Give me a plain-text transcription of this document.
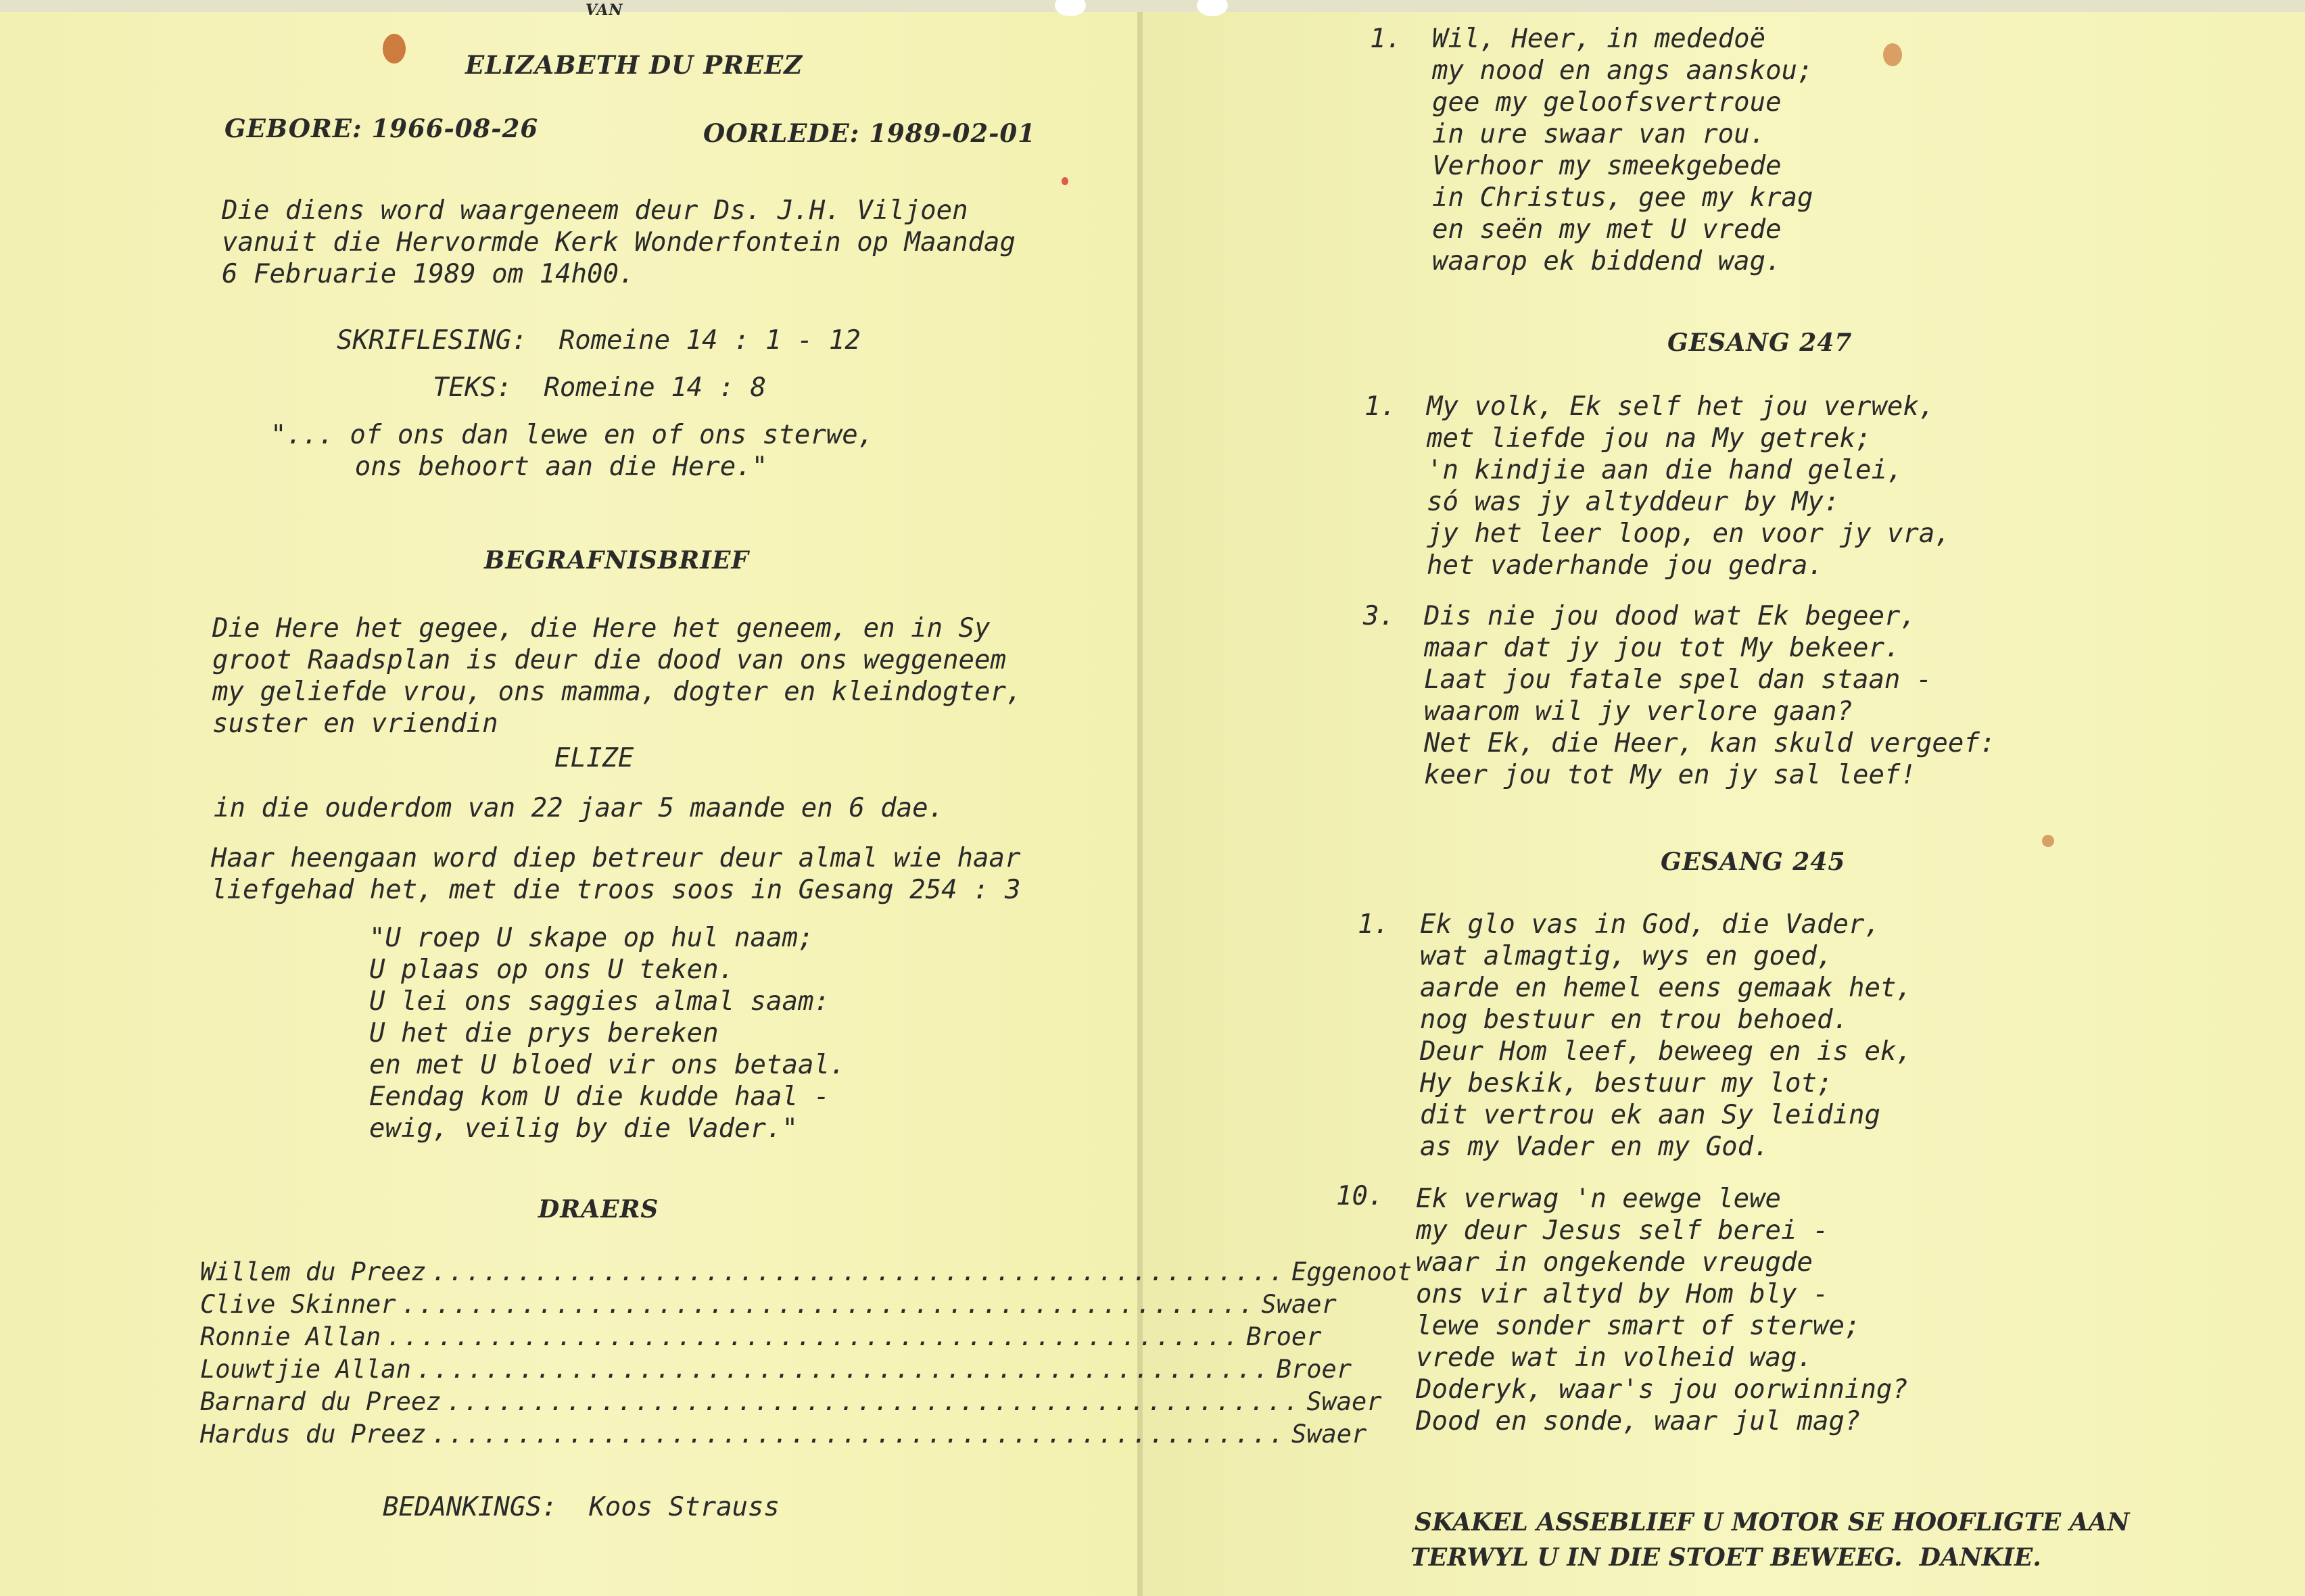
VAN
ELIZABETH DU PREEZ
GEBORE: 1966-08-26	OORLEDE: 1989-02-01
Die diens word waargeneem deur Ds. J.H. Viljoen
vanuit die Hervormde Kerk Wonderfontein op Maandag
6 Februarie 1989 om 14h00.
SKRIFLESING:  Romeine 14 : 1 - 12
TEKS:  Romeine 14 : 8
"... of ons dan lewe en of ons sterwe,
ons behoort aan die Here."
BEGRAFNISBRIEF
Die Here het gegee, die Here het geneem, en in Sy
groot Raadsplan is deur die dood van ons weggeneem
my geliefde vrou, ons mamma, dogter en kleindogter,
suster en vriendin
ELIZE
in die ouderdom van 22 jaar 5 maande en 6 dae.
Haar heengaan word diep betreur deur almal wie haar
liefgehad het, met die troos soos in Gesang 254 : 3
"U roep U skape op hul naam;
U plaas op ons U teken.
U lei ons saggies almal saam:
U het die prys bereken
en met U bloed vir ons betaal.
Eendag kom U die kudde haal -
ewig, veilig by die Vader."
DRAERS
Willem du Preez .................................................. Eggenoot
Clive Skinner .................................................. Swaer
Ronnie Allan .................................................. Broer
Louwtjie Allan .................................................. Broer
Barnard du Preez .................................................. Swaer
Hardus du Preez .................................................. Swaer
BEDANKINGS:  Koos Strauss
1. Wil, Heer, in mededoë
my nood en angs aanskou;
gee my geloofsvertroue
in ure swaar van rou.
Verhoor my smeekgebede
in Christus, gee my krag
en seën my met U vrede
waarop ek biddend wag.
GESANG 247
1. My volk, Ek self het jou verwek,
met liefde jou na My getrek;
'n kindjie aan die hand gelei,
só was jy altyddeur by My:
jy het leer loop, en voor jy vra,
het vaderhande jou gedra.
3. Dis nie jou dood wat Ek begeer,
maar dat jy jou tot My bekeer.
Laat jou fatale spel dan staan -
waarom wil jy verlore gaan?
Net Ek, die Heer, kan skuld vergeef:
keer jou tot My en jy sal leef!
GESANG 245
1. Ek glo vas in God, die Vader,
wat almagtig, wys en goed,
aarde en hemel eens gemaak het,
nog bestuur en trou behoed.
Deur Hom leef, beweeg en is ek,
Hy beskik, bestuur my lot;
dit vertrou ek aan Sy leiding
as my Vader en my God.
10. Ek verwag 'n eewge lewe
my deur Jesus self berei -
waar in ongekende vreugde
ons vir altyd by Hom bly -
lewe sonder smart of sterwe;
vrede wat in volheid wag.
Doderyk, waar's jou oorwinning?
Dood en sonde, waar jul mag?
SKAKEL ASSEBLIEF U MOTOR SE HOOFLIGTE AAN
TERWYL U IN DIE STOET BEWEEG.  DANKIE.
